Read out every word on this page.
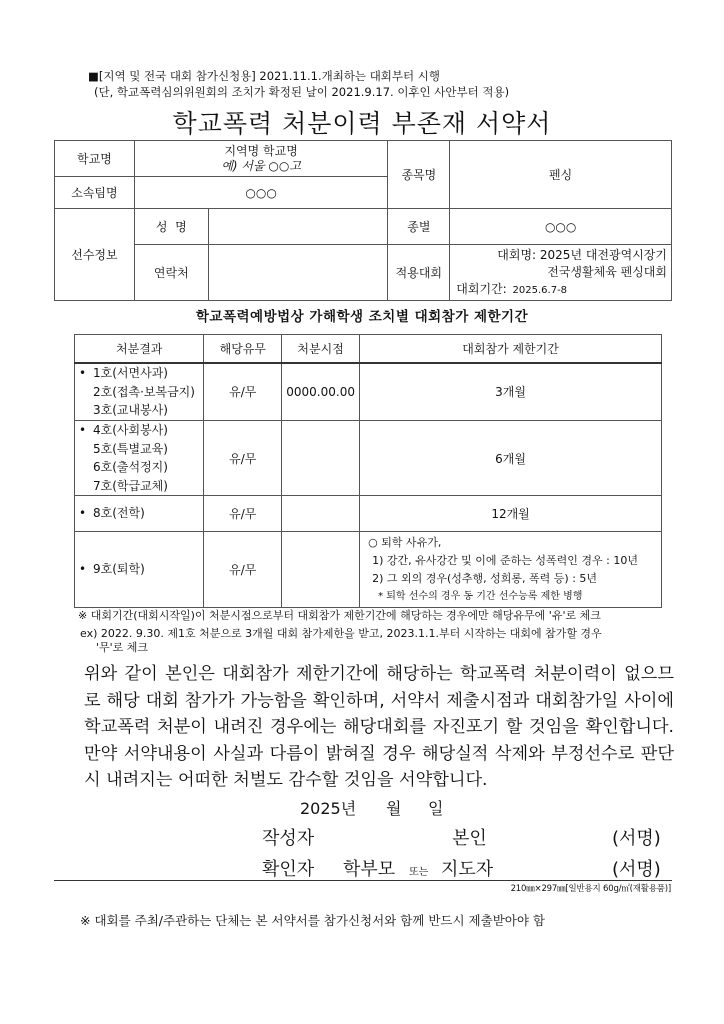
■[지역 및 전국 대회 참가신청용] 2021.11.1.개최하는 대회부터 시행
(단, 학교폭력심의위원회의 조치가 확정된 날이 2021.9.17. 이후인 사안부터 적용)
학교폭력 처분이력 부존재 서약서
학교명	지역명 학교명
예) 서울 ○○고		종목명	펜싱
소속팀명	○○○			
선수정보	성  명		종별	○○○
	연락처		적용대회	대회명: 2025년 대전광역시장기
전국생활체육 펜싱대회
대회기간: 2025.6.7-8
학교폭력예방법상 가해학생 조치별 대회참가 제한기간
처분결과	해당유무	처분시점	대회참가 제한기간

• 1호(서면사과)
2호(접촉·보복금지)
3호(교내봉사)	유/무	0000.00.00	3개월

• 4호(사회봉사)
5호(특별교육)
6호(출석정지)
7호(학급교체)	유/무		6개월

• 8호(전학)	유/무		12개월

• 9호(퇴학)	유/무		○ 퇴학 사유가,
1) 강간, 유사강간 및 이에 준하는 성폭력인 경우 : 10년
2) 그 외의 경우(성추행, 성희롱, 폭력 등) : 5년
* 퇴학 선수의 경우 동 기간 선수능록 제한 병행
※ 대회기간(대회시작일)이 처분시점으로부터 대회참가 제한기간에 해당하는 경우에만 해당유무에 '유'로 체크
ex) 2022. 9.30. 제1호 처분으로 3개월 대회 참가제한을 받고, 2023.1.1.부터 시작하는 대회에 참가할 경우
'무'로 체크
위와 같이 본인은 대회참가 제한기간에 해당하는 학교폭력 처분이력이 없으므로 해당 대회 참가가 가능함을 확인하며, 서약서 제출시점과 대회참가일 사이에 학교폭력 처분이 내려진 경우에는 해당대회를 자진포기 할 것임을 확인합니다. 만약 서약내용이 사실과 다름이 밝혀질 경우 해당실적 삭제와 부정선수로 판단 시 내려지는 어떠한 처벌도 감수할 것임을 서약합니다.
2025년 월 일
작성자	본인	(서명)
확인자 학부모 또는 지도자	(서명)
210㎜×297㎜[일반용지 60g/㎡(재활용품)]
※ 대회를 주최/주관하는 단체는 본 서약서를 참가신청서와 함께 반드시 제출받아야 함
